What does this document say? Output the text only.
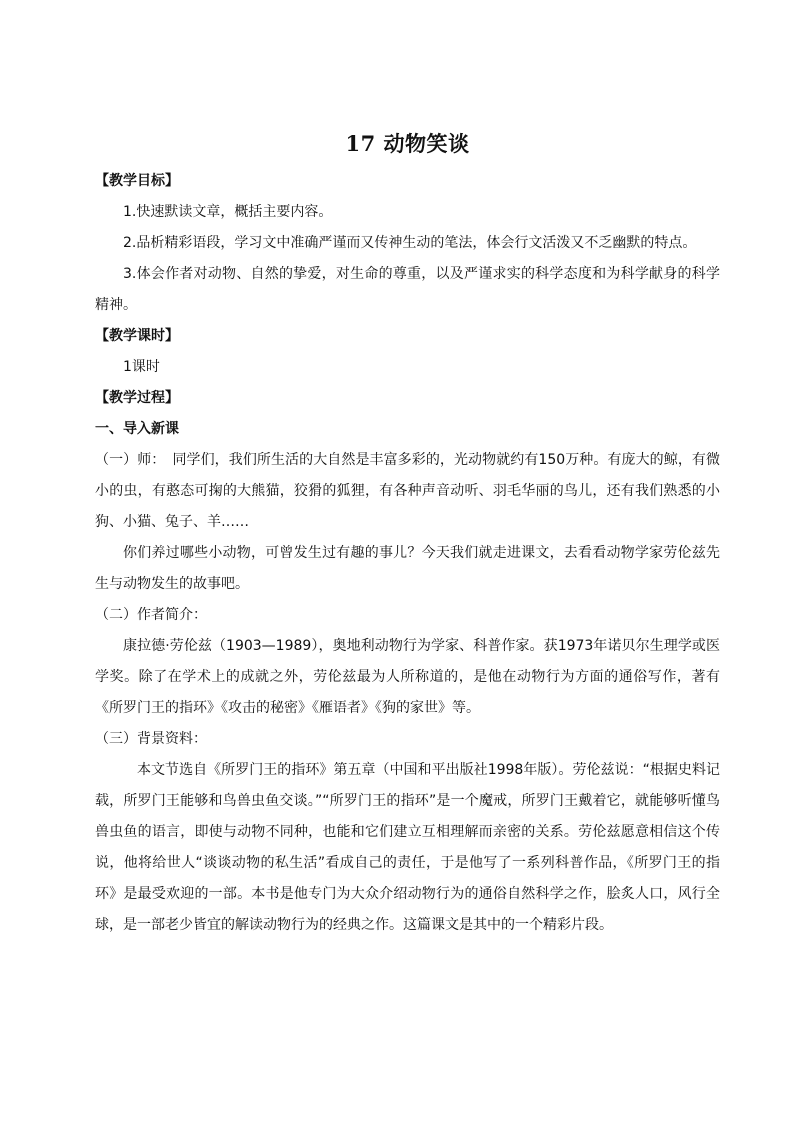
17 动物笑谈
【教学目标】
1.快速默读文章，概括主要内容。
2.品析精彩语段，学习文中准确严谨而又传神生动的笔法，体会行文活泼又不乏幽默的特点。
3.体会作者对动物、自然的挚爱，对生命的尊重，以及严谨求实的科学态度和为科学献身的科学精神。
【教学课时】
1课时
【教学过程】
一、导入新课
（一）师：　同学们，我们所生活的大自然是丰富多彩的，光动物就约有150万种。有庞大的鲸，有微小的虫，有憨态可掬的大熊猫，狡猾的狐狸，有各种声音动听、羽毛华丽的鸟儿，还有我们熟悉的小狗、小猫、兔子、羊……
你们养过哪些小动物，可曾发生过有趣的事儿？今天我们就走进课文，去看看动物学家劳伦兹先生与动物发生的故事吧。
（二）作者简介：
康拉德·劳伦兹（1903—1989），奥地利动物行为学家、科普作家。获1973年诺贝尔生理学或医学奖。除了在学术上的成就之外，劳伦兹最为人所称道的，是他在动物行为方面的通俗写作，著有《所罗门王的指环》《攻击的秘密》《雁语者》《狗的家世》等。
（三）背景资料：
本文节选自《所罗门王的指环》第五章（中国和平出版社1998年版）。劳伦兹说：“根据史料记载，所罗门王能够和鸟兽虫鱼交谈。”“所罗门王的指环”是一个魔戒，所罗门王戴着它，就能够听懂鸟兽虫鱼的语言，即使与动物不同种，也能和它们建立互相理解而亲密的关系。劳伦兹愿意相信这个传说，他将给世人“谈谈动物的私生活”看成自己的责任，于是他写了一系列科普作品，《所罗门王的指环》是最受欢迎的一部。本书是他专门为大众介绍动物行为的通俗自然科学之作，脍炙人口，风行全球，是一部老少皆宜的解读动物行为的经典之作。这篇课文是其中的一个精彩片段。
